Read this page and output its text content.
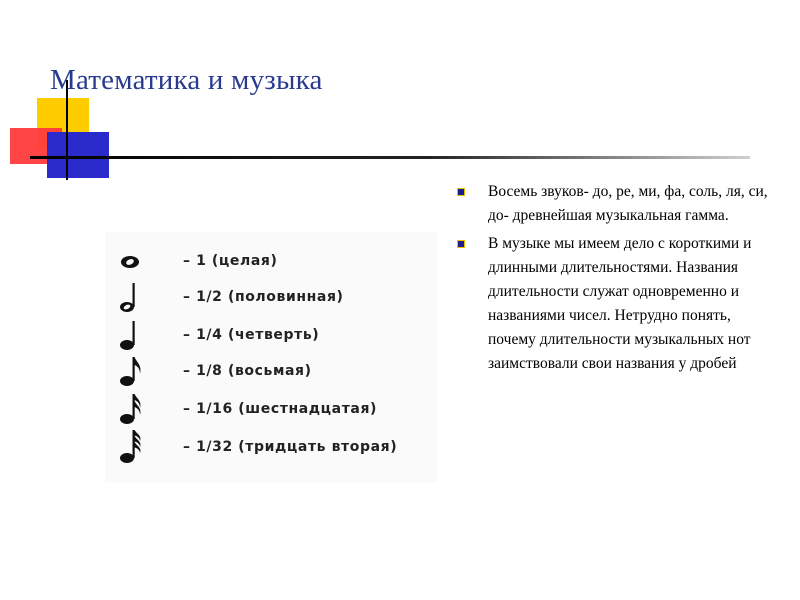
Математика и музыка
– 1 (целая)
– 1/2 (половинная)
– 1/4 (четверть)
– 1/8 (восьмая)
– 1/16 (шестнадцатая)
– 1/32 (тридцать вторая)
Восемь звуков- до, ре, ми, фа, соль, ля, си, до- древнейшая музыкальная гамма.
В музыке мы имеем дело с короткими и длинными длительностями. Названия длительности служат одновременно и названиями чисел. Нетрудно понять, почему длительности музыкальных нот заимствовали свои названия у дробей
